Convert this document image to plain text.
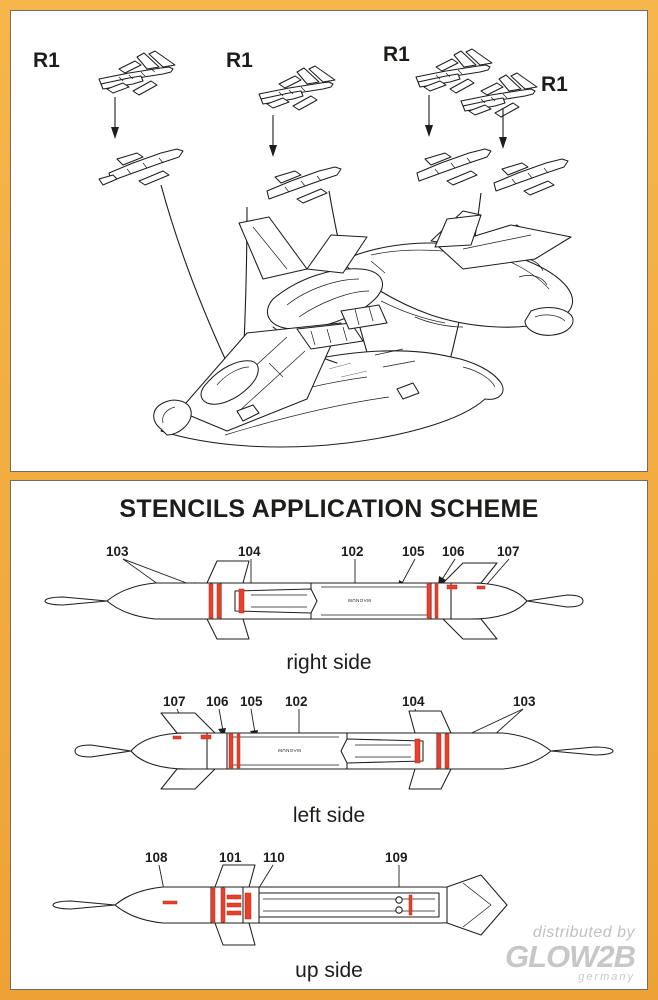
R1	R1	R1
R1
STENCILS APPLICATION SCHEME
MAGNUM
103	104	102	105 106 107
right side
MAGNUM
107 106 105 102	104	103
left side
108	101 110	109
up side
distributed by
GLOW2B
germany
